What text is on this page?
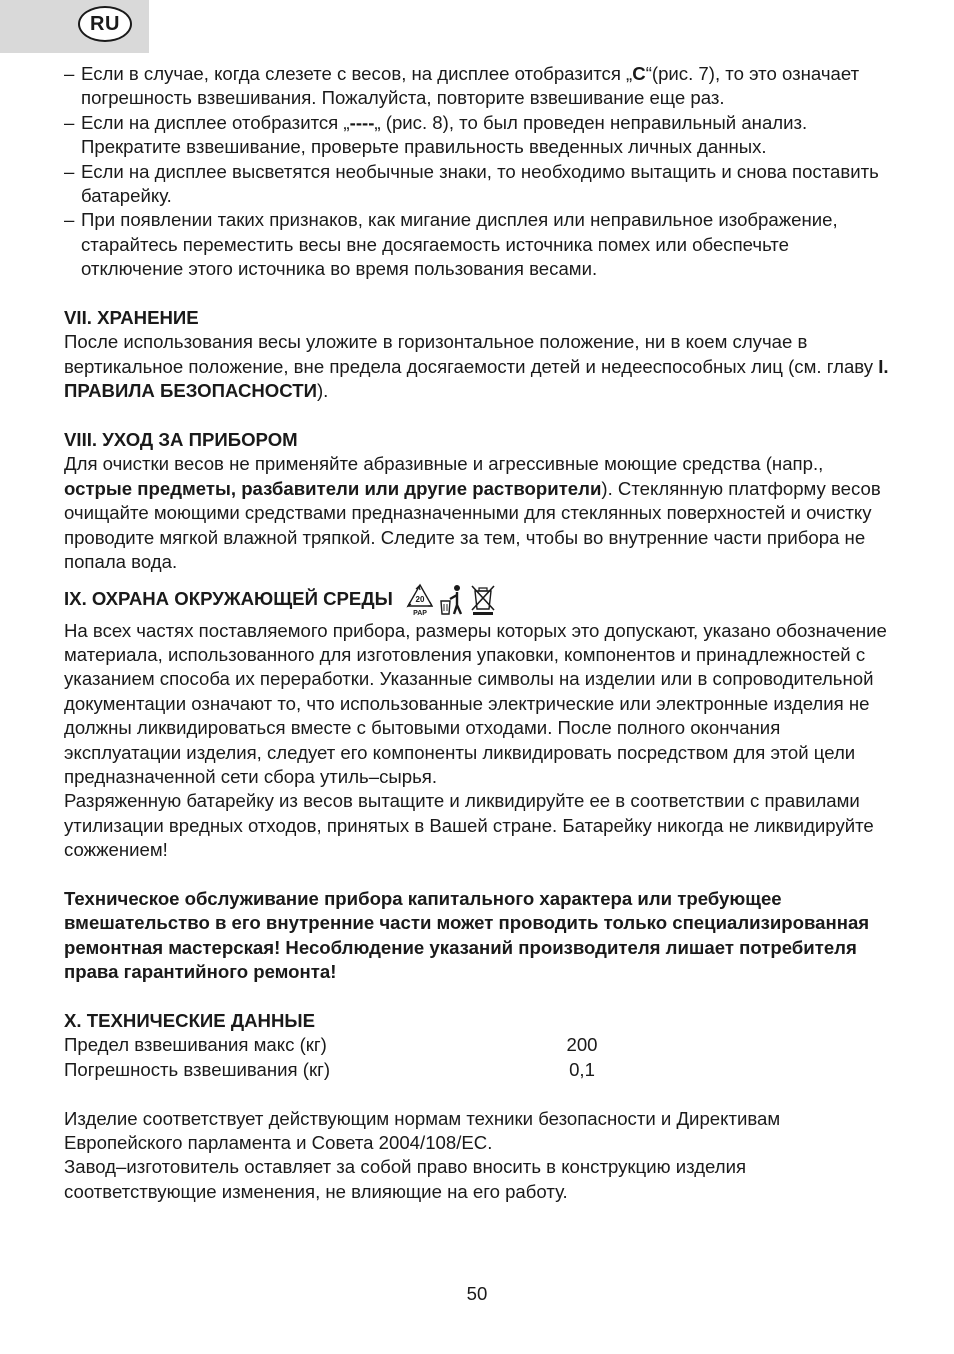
RU

– Если в случае, когда слезете с весов, на дисплее отобразится „C“(рис. 7), то это означает погрешность взвешивания. Пожалуйста, повторите взвешивание еще раз.

– Если на дисплее отобразится „----„ (рис. 8), то был проведен неправильный анализ. Прекратите взвешивание, проверьте правильность введенных личных данных.

– Если на дисплее высветятся необычные знаки, то необходимо вытащить и снова поставить батарейку.

– При появлении таких признаков, как мигание дисплея или неправильное изображение, старайтесь переместить весы вне досягаемость источника помех или обеспечьте отключение этого источника во время пользования весами.

VII. ХРАНЕНИЕ

После использования весы уложите в горизонтальное положение, ни в коем случае в вертикальное положение, вне предела досягаемости детей и недееспособных лиц (см. главу I. ПРАВИЛА БЕЗОПАСНОСТИ).

VIII. УХОД ЗА ПРИБОРОМ

Для очистки весов не применяйте абразивные и агрессивные моющие средства (напр., острые предметы, разбавители или другие растворители). Стеклянную платформу весов очищайте моющими средствами предназначенными для стеклянных поверхностей и очистку проводите мягкой влажной тряпкой. Следите за тем, чтобы во внутренние части прибора не попала вода.

IX. ОХРАНА ОКРУЖАЮЩЕЙ СРЕДЫ	20
PAP

На всех частях поставляемого прибора, размеры которых это допускают, указано обозначение материала, использованного для изготовления упаковки, компонентов и принадлежностей с указанием способа их переработки. Указанные символы на изделии или в сопроводительной документации означают то, что использованные электрические или электронные изделия не должны ликвидироваться вместе с бытовыми отходами. После полного окончания эксплуатации изделия, следует его компоненты ликвидировать посредством для этой цели предназначенной сети сбора утиль–сырья.

Разряженную батарейку из весов вытащите и ликвидируйте ее в соответствии с правилами утилизации вредных отходов, принятых в Вашей стране. Батарейку никогда не ликвидируйте сожжением!

Техническое обслуживание прибора капитального характера или требующее вмешательство в его внутренние части может проводить только специализированная ремонтная мастерская! Несоблюдение указаний производителя лишает потребителя права гарантийного ремонта!

X. ТЕХНИЧЕСКИЕ ДАННЫЕ
Предел взвешивания макс (кг)	200
Погрешность взвешивания (кг)	0,1

Изделие соответствует действующим нормам техники безопасности и Директивам Европейского парламента и Совета 2004/108/EC.

Завод–изготовитель оставляет за собой право вносить в конструкцию изделия соответствующие изменения, не влияющие на его работу.

50
